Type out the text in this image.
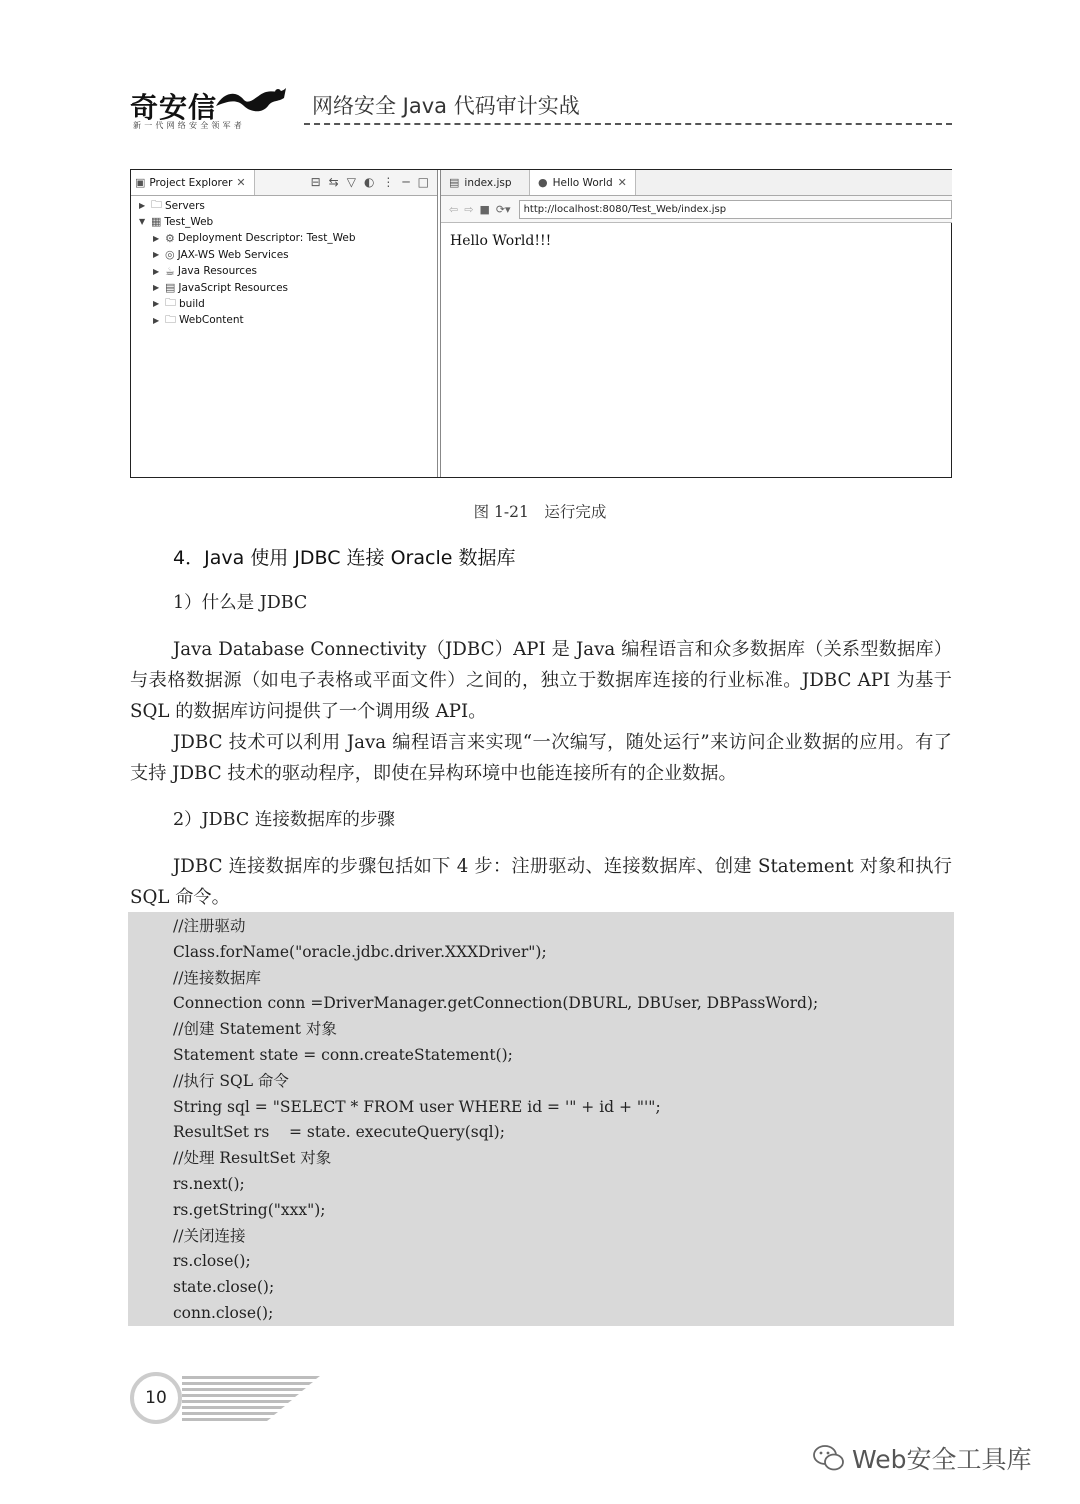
奇安信
新一代网络安全领军者
网络安全 Java 代码审计实战
▣ Project Explorer ✕	⊟ ⇆ ▽ ◐ ⋮ ─ □
▶ 🗀 Servers
▼ ▦ Test_Web
▶ ⚙ Deployment Descriptor: Test_Web
▶ ◎ JAX-WS Web Services
▶ ☕ Java Resources
▶ ▤ JavaScript Resources
▶ 🗀 build
▶ 🗀 WebContent
▤ index.jsp ● Hello World ✕
⇦ ⇨ ■ ⟳▾ http://localhost:8080/Test_Web/index.jsp
Hello World!!!
图 1-21　运行完成
4．Java 使用 JDBC 连接 Oracle 数据库
1）什么是 JDBC
Java Database Connectivity（JDBC）API 是 Java 编程语言和众多数据库（关系型数据库）与表格数据源（如电子表格或平面文件）之间的，独立于数据库连接的行业标准。JDBC API 为基于 SQL 的数据库访问提供了一个调用级 API。
JDBC 技术可以利用 Java 编程语言来实现“一次编写，随处运行”来访问企业数据的应用。有了支持 JDBC 技术的驱动程序，即使在异构环境中也能连接所有的企业数据。
2）JDBC 连接数据库的步骤
JDBC 连接数据库的步骤包括如下 4 步：注册驱动、连接数据库、创建 Statement 对象和执行 SQL 命令。
//注册驱动
Class.forName("oracle.jdbc.driver.XXXDriver");
//连接数据库
Connection conn =DriverManager.getConnection(DBURL, DBUser, DBPassWord);
//创建 Statement 对象
Statement state = conn.createStatement();
//执行 SQL 命令
String sql = "SELECT * FROM user WHERE id = '" + id + "'";
ResultSet rs    = state. executeQuery(sql);
//处理 ResultSet 对象
rs.next();
rs.getString("xxx");
//关闭连接
rs.close();
state.close();
conn.close();
10
Web安全工具库
